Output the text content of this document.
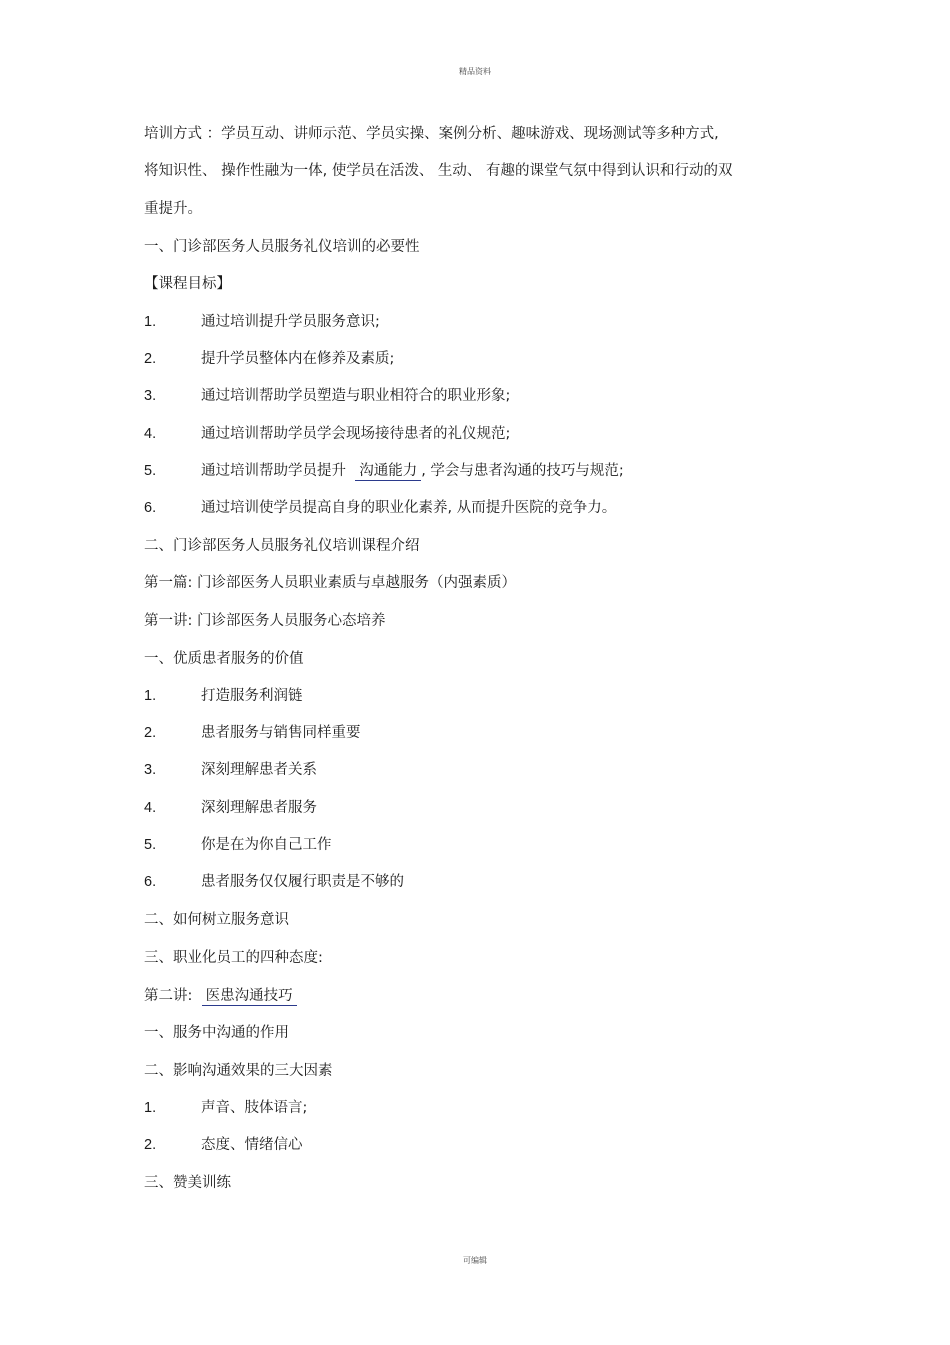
精品资料
培训方式 ：学员互动、讲师示范、学员实操、案例分析、趣味游戏、现场测试等多种方式,
将知识性、 操作性融为一体, 使学员在活泼、 生动、 有趣的课堂气氛中得到认识和行动的双
重提升。
一、门诊部医务人员服务礼仪培训的必要性
【课程目标】
1.	通过培训提升学员服务意识;
2.	提升学员整体内在修养及素质;
3.	通过培训帮助学员塑造与职业相符合的职业形象;
4.	通过培训帮助学员学会现场接待患者的礼仪规范;
5.	通过培训帮助学员提升 沟通能力 , 学会与患者沟通的技巧与规范;
6.	通过培训使学员提高自身的职业化素养, 从而提升医院的竞争力。
二、门诊部医务人员服务礼仪培训课程介绍
第一篇: 门诊部医务人员职业素质与卓越服务（内强素质）
第一讲: 门诊部医务人员服务心态培养
一、优质患者服务的价值
1.	打造服务利润链
2.	患者服务与销售同样重要
3.	深刻理解患者关系
4.	深刻理解患者服务
5.	你是在为你自己工作
6.	患者服务仅仅履行职责是不够的
二、如何树立服务意识
三、职业化员工的四种态度:
第二讲: 医患沟通技巧
一、服务中沟通的作用
二、影响沟通效果的三大因素
1.	声音、肢体语言;
2.	态度、情绪信心
三、赞美训练
可编辑
